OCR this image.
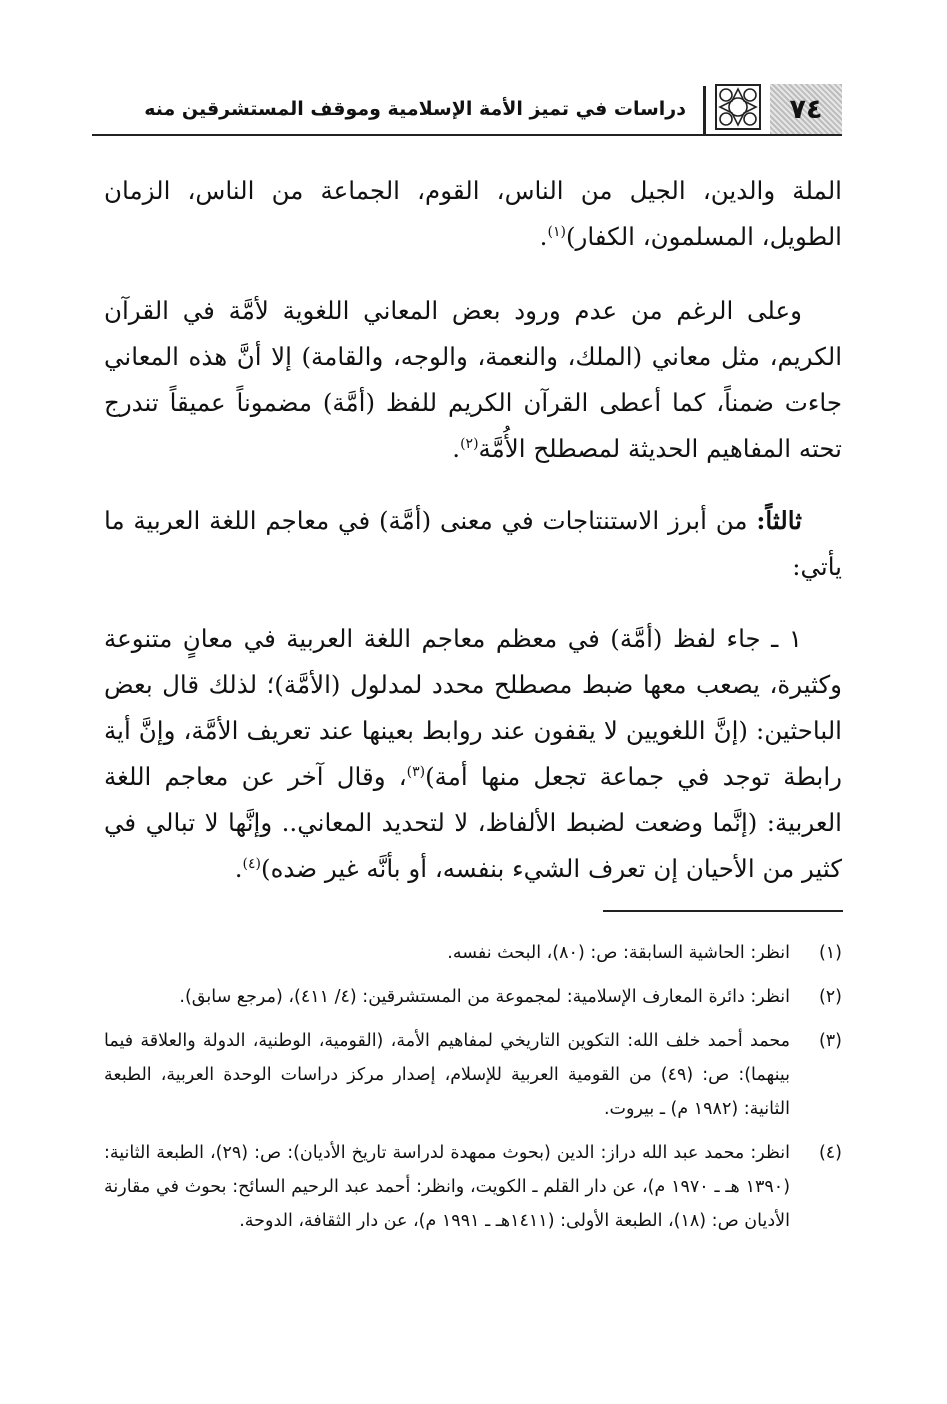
٧٤
دراسات في تميز الأمة الإسلامية وموقف المستشرقين منه

الملة والدين، الجيل من الناس، القوم، الجماعة من الناس، الزمان الطويل، المسلمون، الكفار)$^{(١)}$.

وعلى الرغم من عدم ورود بعض المعاني اللغوية لأمَّة في القرآن الكريم، مثل معاني (الملك، والنعمة، والوجه، والقامة) إلا أنَّ هذه المعاني جاءت ضمناً، كما أعطى القرآن الكريم للفظ (أمَّة) مضموناً عميقاً تندرج تحته المفاهيم الحديثة لمصطلح الأُمَّة$^{(٢)}$.

ثالثاً: من أبرز الاستنتاجات في معنى (أمَّة) في معاجم اللغة العربية ما يأتي:

١ ـ جاء لفظ (أمَّة) في معظم معاجم اللغة العربية في معانٍ متنوعة وكثيرة، يصعب معها ضبط مصطلح محدد لمدلول (الأمَّة)؛ لذلك قال بعض الباحثين: (إنَّ اللغويين لا يقفون عند روابط بعينها عند تعريف الأمَّة، وإنَّ أية رابطة توجد في جماعة تجعل منها أمة)$^{(٣)}$، وقال آخر عن معاجم اللغة العربية: (إنَّما وضعت لضبط الألفاظ، لا لتحديد المعاني.. وإنَّها لا تبالي في كثير من الأحيان إن تعرف الشيء بنفسه، أو بأنَّه غير ضده)$^{(٤)}$.

(١)
انظر: الحاشية السابقة: ص: (٨٠)، البحث نفسه.
(٢)
انظر: دائرة المعارف الإسلامية: لمجموعة من المستشرقين: (٤/ ٤١١)، (مرجع سابق).
(٣)
محمد أحمد خلف الله: التكوين التاريخي لمفاهيم الأمة، (القومية، الوطنية، الدولة والعلاقة فيما بينهما): ص: (٤٩) من القومية العربية للإسلام، إصدار مركز دراسات الوحدة العربية، الطبعة الثانية: (١٩٨٢ م) ـ بيروت.
(٤)
انظر: محمد عبد الله دراز: الدين (بحوث ممهدة لدراسة تاريخ الأديان): ص: (٢٩)، الطبعة الثانية: (١٣٩٠ هـ ـ ١٩٧٠ م)، عن دار القلم ـ الكويت، وانظر: أحمد عبد الرحيم السائح: بحوث في مقارنة الأديان ص: (١٨)، الطبعة الأولى: (١٤١١هـ ـ ١٩٩١ م)، عن دار الثقافة، الدوحة.
